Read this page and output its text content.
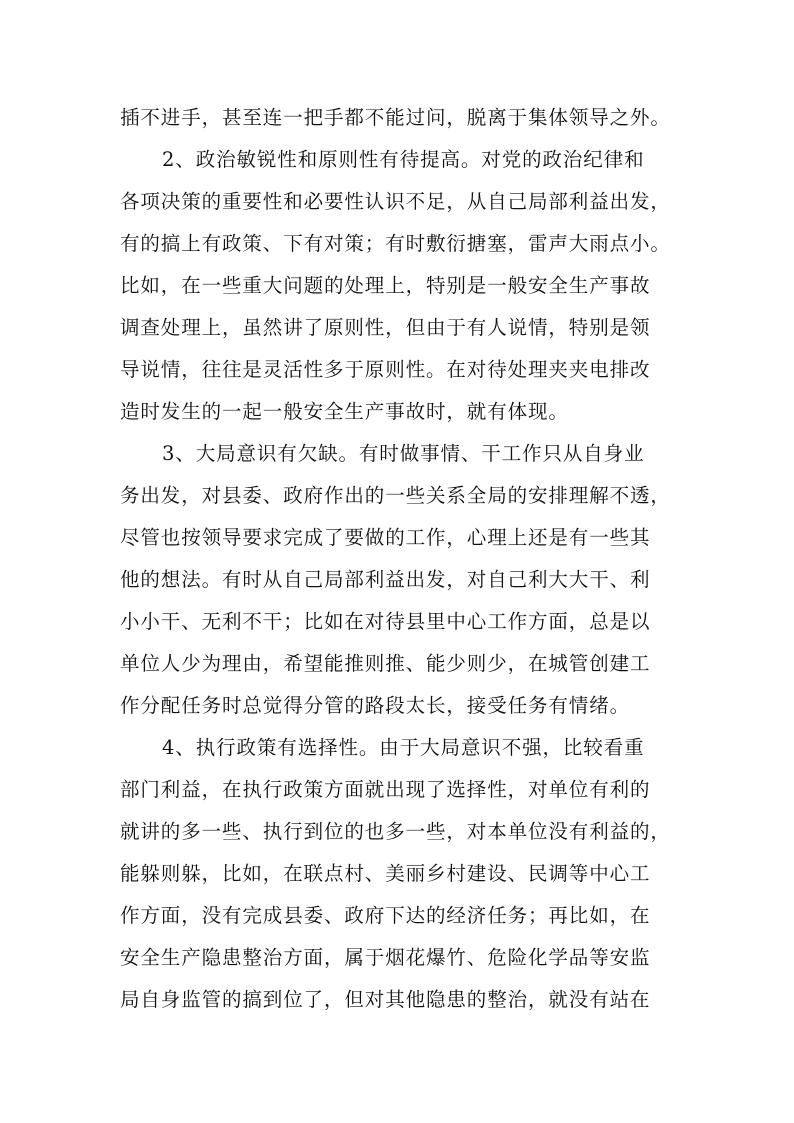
插不进手，甚至连一把手都不能过问，脱离于集体领导之外。

2、政治敏锐性和原则性有待提高。对党的政治纪律和

各项决策的重要性和必要性认识不足，从自己局部利益出发，

有的搞上有政策、下有对策；有时敷衍搪塞，雷声大雨点小。

比如，在一些重大问题的处理上，特别是一般安全生产事故

调查处理上，虽然讲了原则性，但由于有人说情，特别是领

导说情，往往是灵活性多于原则性。在对待处理夹夹电排改

造时发生的一起一般安全生产事故时，就有体现。

3、大局意识有欠缺。有时做事情、干工作只从自身业

务出发，对县委、政府作出的一些关系全局的安排理解不透，

尽管也按领导要求完成了要做的工作，心理上还是有一些其

他的想法。有时从自己局部利益出发，对自己利大大干、利

小小干、无利不干；比如在对待县里中心工作方面，总是以

单位人少为理由，希望能推则推、能少则少，在城管创建工

作分配任务时总觉得分管的路段太长，接受任务有情绪。

4、执行政策有选择性。由于大局意识不强，比较看重

部门利益，在执行政策方面就出现了选择性，对单位有利的

就讲的多一些、执行到位的也多一些，对本单位没有利益的，

能躲则躲，比如，在联点村、美丽乡村建设、民调等中心工

作方面，没有完成县委、政府下达的经济任务；再比如，在

安全生产隐患整治方面，属于烟花爆竹、危险化学品等安监

局自身监管的搞到位了，但对其他隐患的整治，就没有站在
